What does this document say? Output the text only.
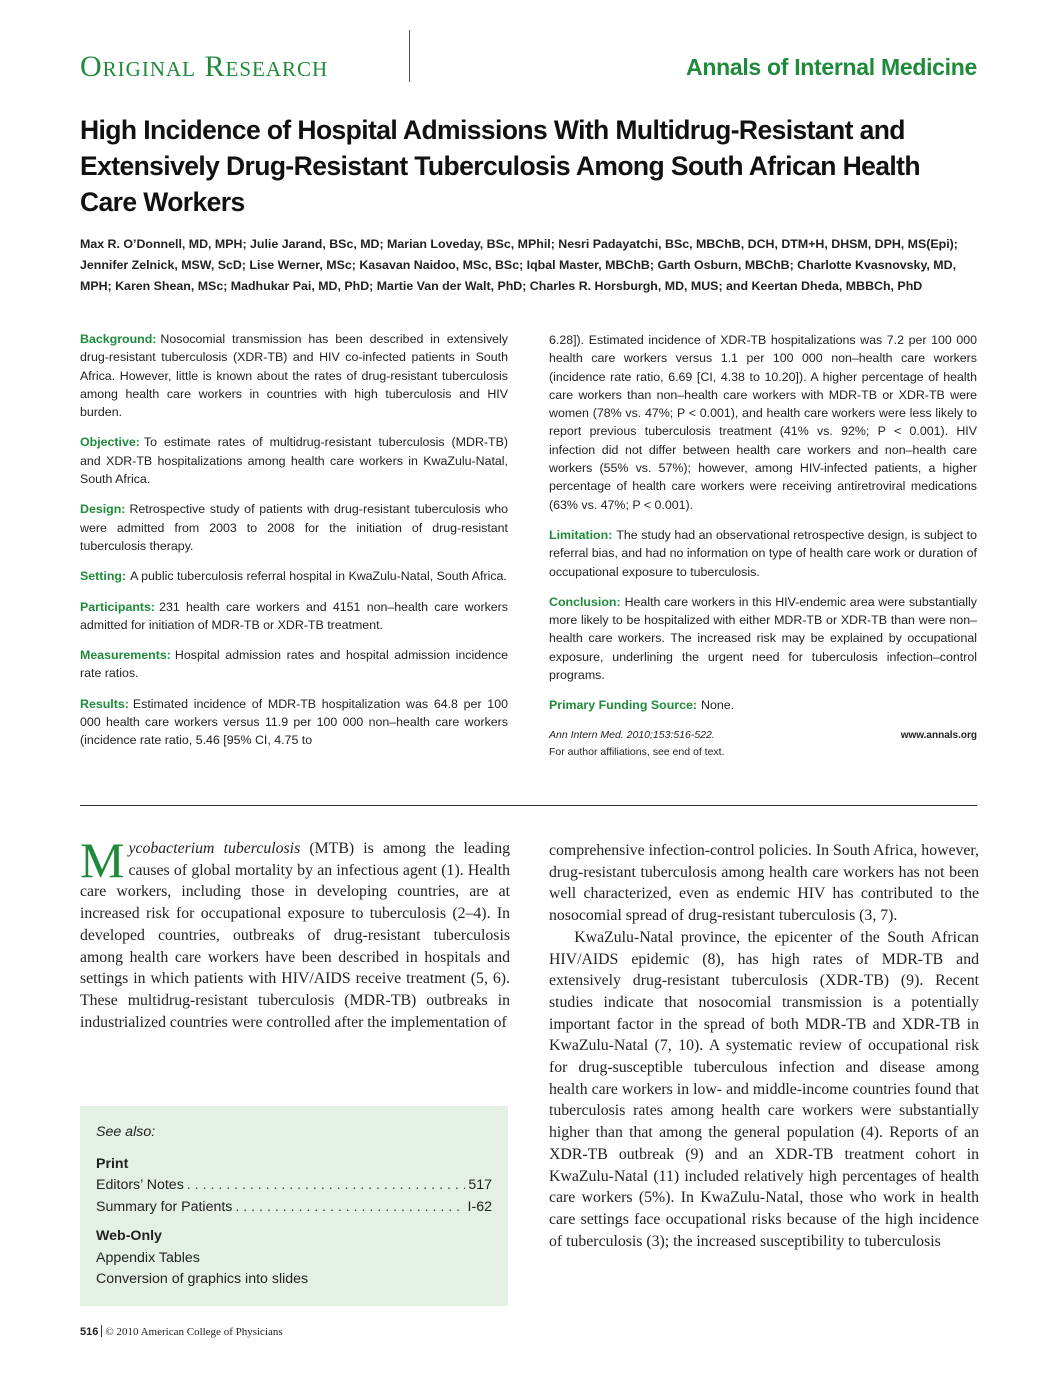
Original Research	Annals of Internal Medicine
High Incidence of Hospital Admissions With Multidrug-Resistant and Extensively Drug-Resistant Tuberculosis Among South African Health Care Workers

Max R. O’Donnell, MD, MPH; Julie Jarand, BSc, MD; Marian Loveday, BSc, MPhil; Nesri Padayatchi, BSc, MBChB, DCH, DTM+H, DHSM, DPH, MS(Epi); Jennifer Zelnick, MSW, ScD; Lise Werner, MSc; Kasavan Naidoo, MSc, BSc; Iqbal Master, MBChB; Garth Osburn, MBChB; Charlotte Kvasnovsky, MD, MPH; Karen Shean, MSc; Madhukar Pai, MD, PhD; Martie Van der Walt, PhD; Charles R. Horsburgh, MD, MUS; and Keertan Dheda, MBBCh, PhD

Background: Nosocomial transmission has been described in extensively drug-resistant tuberculosis (XDR-TB) and HIV co-infected patients in South Africa. However, little is known about the rates of drug-resistant tuberculosis among health care workers in countries with high tuberculosis and HIV burden.

Objective: To estimate rates of multidrug-resistant tuberculosis (MDR-TB) and XDR-TB hospitalizations among health care workers in KwaZulu-Natal, South Africa.

Design: Retrospective study of patients with drug-resistant tuberculosis who were admitted from 2003 to 2008 for the initiation of drug-resistant tuberculosis therapy.

Setting: A public tuberculosis referral hospital in KwaZulu-Natal, South Africa.

Participants: 231 health care workers and 4151 non–health care workers admitted for initiation of MDR-TB or XDR-TB treatment.

Measurements: Hospital admission rates and hospital admission incidence rate ratios.

Results: Estimated incidence of MDR-TB hospitalization was 64.8 per 100 000 health care workers versus 11.9 per 100 000 non–health care workers (incidence rate ratio, 5.46 [95% CI, 4.75 to

6.28]). Estimated incidence of XDR-TB hospitalizations was 7.2 per 100 000 health care workers versus 1.1 per 100 000 non–health care workers (incidence rate ratio, 6.69 [CI, 4.38 to 10.20]). A higher percentage of health care workers than non–health care workers with MDR-TB or XDR-TB were women (78% vs. 47%; P < 0.001), and health care workers were less likely to report previous tuberculosis treatment (41% vs. 92%; P < 0.001). HIV infection did not differ between health care workers and non–health care workers (55% vs. 57%); however, among HIV-infected patients, a higher percentage of health care workers were receiving antiretroviral medications (63% vs. 47%; P < 0.001).

Limitation: The study had an observational retrospective design, is subject to referral bias, and had no information on type of health care work or duration of occupational exposure to tuberculosis.

Conclusion: Health care workers in this HIV-endemic area were substantially more likely to be hospitalized with either MDR-TB or XDR-TB than were non–health care workers. The increased risk may be explained by occupational exposure, underlining the urgent need for tuberculosis infection–control programs.

Primary Funding Source: None.

Ann Intern Med. 2010;153:516-522.	www.annals.org
For author affiliations, see end of text.

Mycobacterium tuberculosis (MTB) is among the leading causes of global mortality by an infectious agent (1). Health care workers, including those in developing countries, are at increased risk for occupational exposure to tuberculosis (2–4). In developed countries, outbreaks of drug-resistant tuberculosis among health care workers have been described in hospitals and settings in which patients with HIV/AIDS receive treatment (5, 6). These multidrug-resistant tuberculosis (MDR-TB) outbreaks in industrialized countries were controlled after the implementation of

See also:
Print
Editors’ Notes . . .	517
Summary for Patients . . .	I-62
Web-Only
Appendix Tables
Conversion of graphics into slides

comprehensive infection-control policies. In South Africa, however, drug-resistant tuberculosis among health care workers has not been well characterized, even as endemic HIV has contributed to the nosocomial spread of drug-resistant tuberculosis (3, 7).

KwaZulu-Natal province, the epicenter of the South African HIV/AIDS epidemic (8), has high rates of MDR-TB and extensively drug-resistant tuberculosis (XDR-TB) (9). Recent studies indicate that nosocomial transmission is a potentially important factor in the spread of both MDR-TB and XDR-TB in KwaZulu-Natal (7, 10). A systematic review of occupational risk for drug-susceptible tuberculous infection and disease among health care workers in low- and middle-income countries found that tuberculosis rates among health care workers were substantially higher than that among the general population (4). Reports of an XDR-TB outbreak (9) and an XDR-TB treatment cohort in KwaZulu-Natal (11) included relatively high percentages of health care workers (5%). In KwaZulu-Natal, those who work in health care settings face occupational risks because of the high incidence of tuberculosis (3); the increased susceptibility to tuberculosis

516 © 2010 American College of Physicians
